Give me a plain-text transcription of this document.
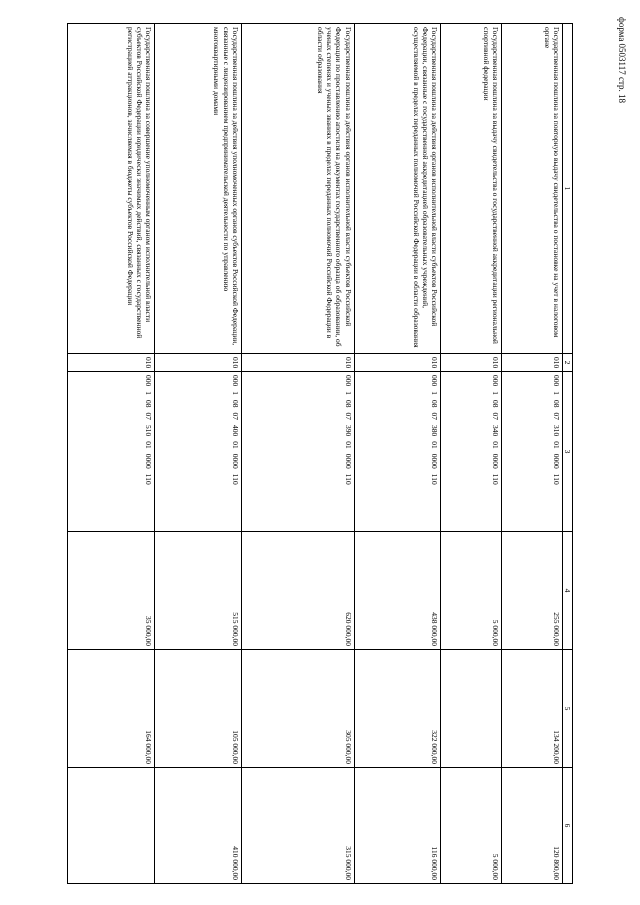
форма 0503117 стр. 18
1	2	3	4	5	6
Государственная пошлина за повторную выдачу свидетельства о постановке на учет в налоговом органе	010	00010807310010000110	255 000,00	134 200,00	120 800,00
Государственная пошлина за выдачу свидетельства о государственной аккредитации региональной спортивной федерации	010	00010807340010000110	5 000,00		5 000,00
Государственная пошлина за действия органов исполнительной власти субъектов Российской Федерации, связанные с государственной аккредитацией образовательных учреждений, осуществляемой в пределах переданных полномочий Российской Федерации в области образования	010	00010807380010000110	438 000,00	322 000,00	116 000,00
Государственная пошлина за действия органов исполнительной власти субъектов Российской Федерации по проставлению апостиля на документах государственного образца об образовании, об ученых степенях и ученых званиях в пределах переданных полномочий Российской Федерации в области образования	010	00010807390010000110	620 000,00	305 000,00	315 000,00
Государственная пошлина за действия уполномоченных органов субъектов Российской Федерации, связанные с лицензированием предпринимательской деятельности по управлению многоквартирными домами	010	00010807400010000110	515 000,00	105 000,00	410 000,00
Государственная пошлина за совершение уполномоченным органом исполнительной власти субъектов Российской Федерации юридически значимых действий, связанных с государственной регистрацией аттракционов, зачисляемая в бюджеты субъектов Российской Федерации	010	00010807510010000110	35 000,00	164 000,00	
